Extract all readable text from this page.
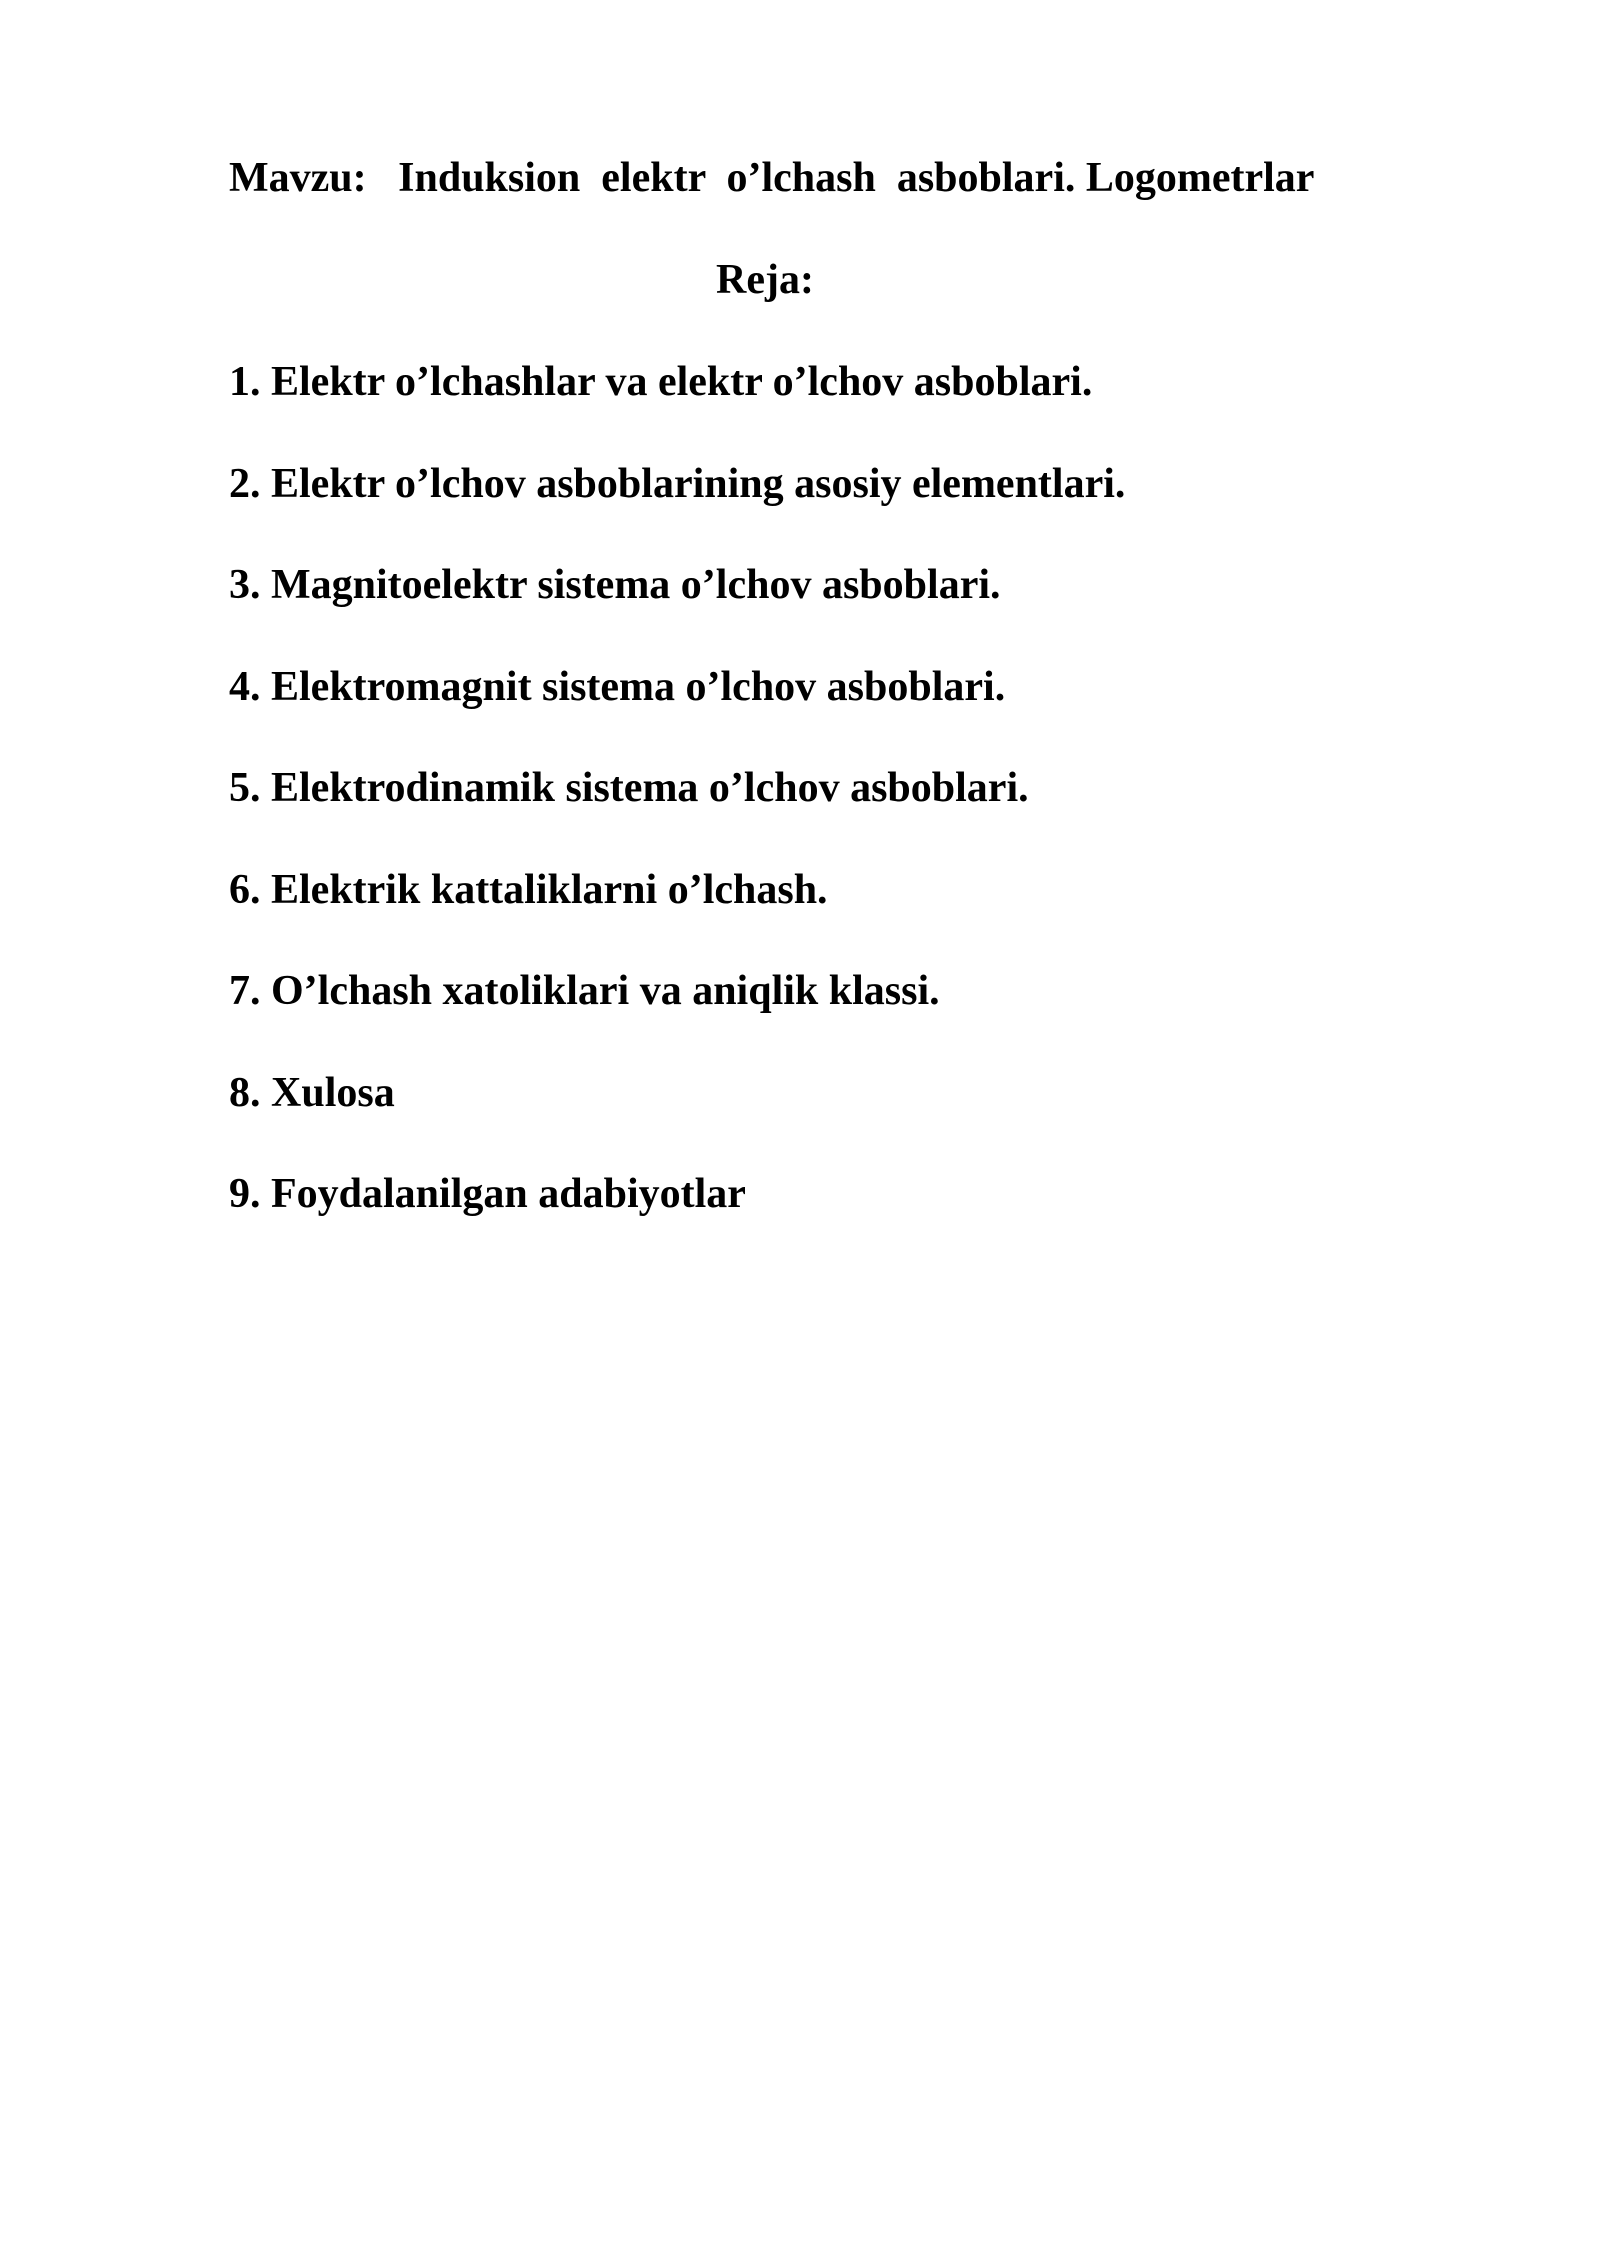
Mavzu:   Induksion  elektr  o’lchash  asboblari. Logometrlar

Reja:

1. Elektr o’lchashlar va elektr o’lchov asboblari.
2. Elektr o’lchov asboblarining asosiy elementlari.
3. Magnitoelektr sistema o’lchov asboblari.
4. Elektromagnit sistema o’lchov asboblari.
5. Elektrodinamik sistema o’lchov asboblari.
6. Elektrik kattaliklarni o’lchash.
7. O’lchash xatoliklari va aniqlik klassi.
8. Xulosa
9. Foydalanilgan adabiyotlar
